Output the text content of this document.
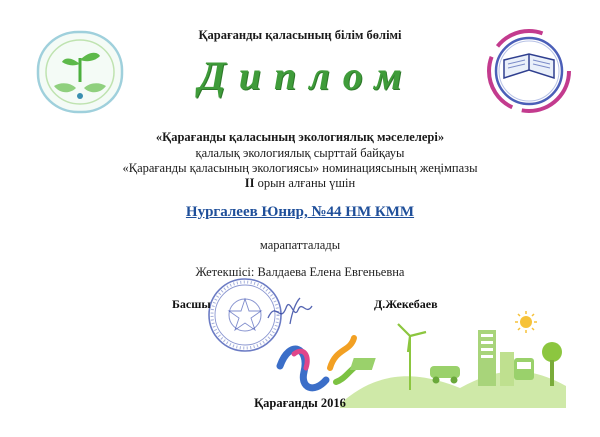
Қарағанды қаласының білім бөлімі
Диплом
«Қарағанды қаласының экологиялық мәселелері»
қалалық экологиялық сырттай байқауы
«Қарағанды қаласының экологиясы» номинациясының жеңімпазы
II орын алғаны үшін
Нургалеев Юнир, №44 НМ КММ
марапатталады
Жетекшісі: Валдаева Елена Евгеньевна
Басшы	Д.Жекебаев
Қарағанды 2016
